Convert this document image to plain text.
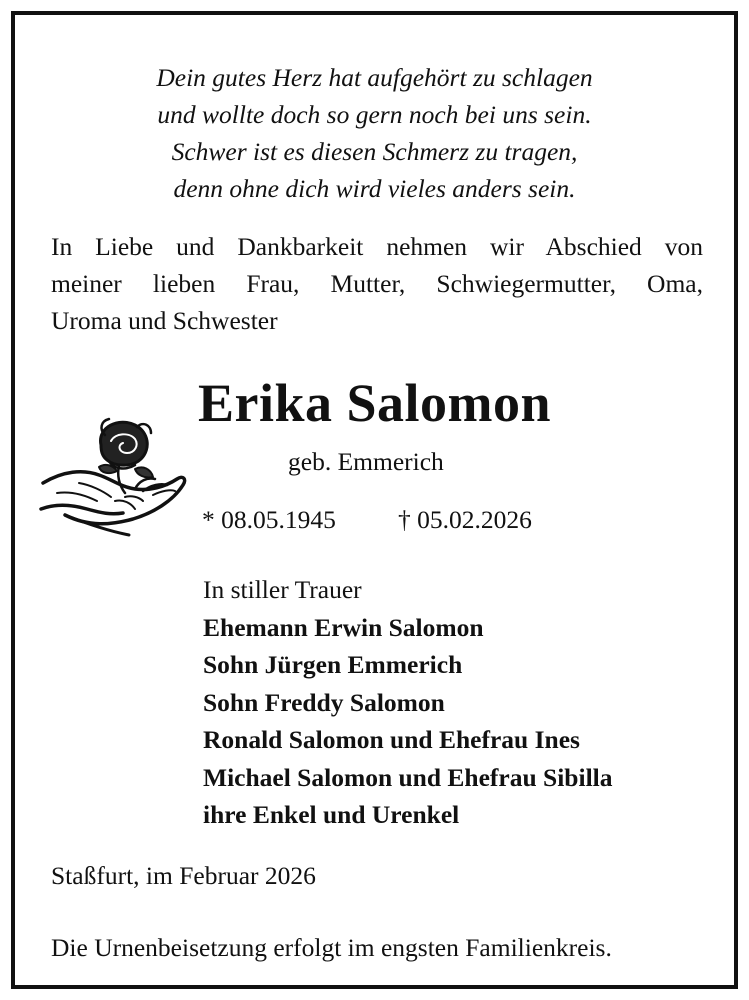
Dein gutes Herz hat aufgehört zu schlagen
und wollte doch so gern noch bei uns sein.
Schwer ist es diesen Schmerz zu tragen,
denn ohne dich wird vieles anders sein.
In Liebe und Dankbarkeit nehmen wir Abschied von
meiner lieben Frau, Mutter, Schwiegermutter, Oma,
Uroma und Schwester
Erika Salomon
geb. Emmerich
* 08.05.1945 † 05.02.2026
In stiller Trauer
Ehemann Erwin Salomon
Sohn Jürgen Emmerich
Sohn Freddy Salomon
Ronald Salomon und Ehefrau Ines
Michael Salomon und Ehefrau Sibilla
ihre Enkel und Urenkel
Staßfurt, im Februar 2026
Die Urnenbeisetzung erfolgt im engsten Familienkreis.
